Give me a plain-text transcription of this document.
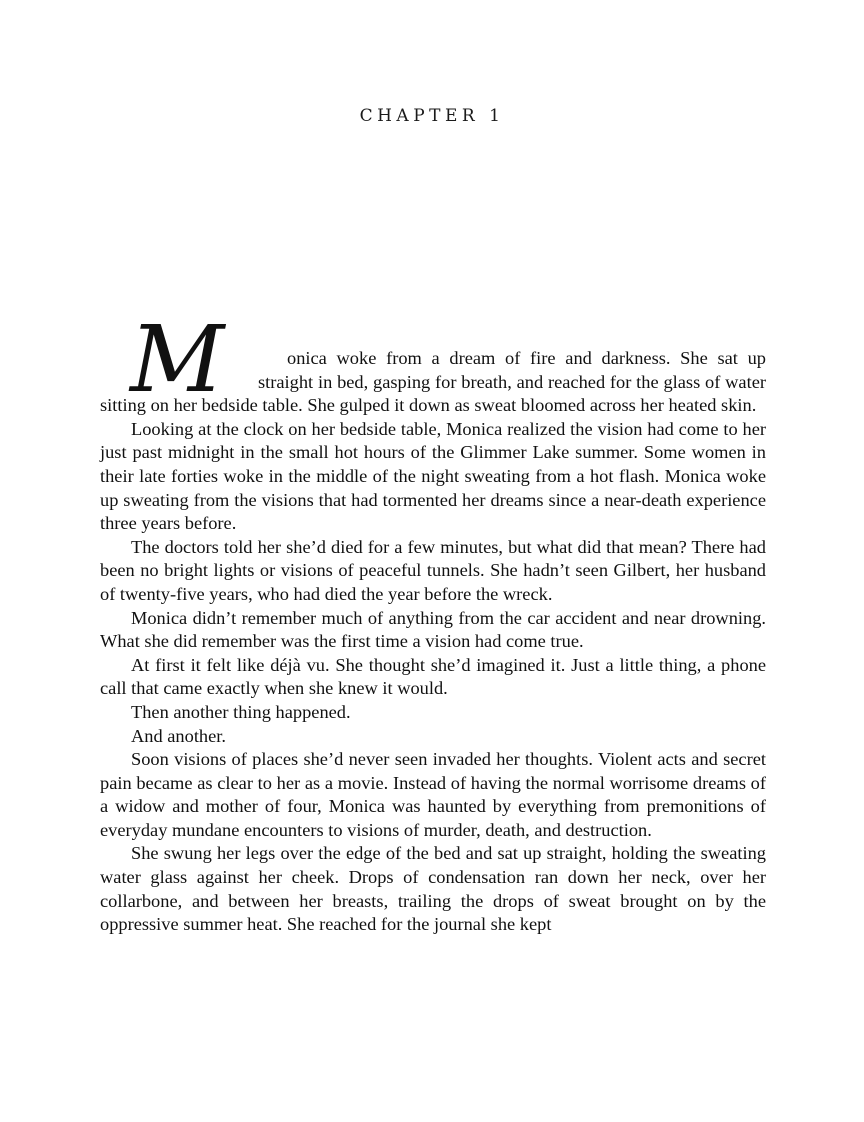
CHAPTER 1

M	onica woke from a dream of fire and darkness. She sat up straight in bed, gasping for breath, and reached for the glass of water sitting on her bedside table. She gulped it down as sweat bloomed across her heated skin.

Looking at the clock on her bedside table, Monica realized the vision had come to her just past midnight in the small hot hours of the Glimmer Lake summer. Some women in their late forties woke in the middle of the night sweating from a hot flash. Monica woke up sweating from the visions that had tormented her dreams since a near-death experience three years before.

The doctors told her she’d died for a few minutes, but what did that mean? There had been no bright lights or visions of peaceful tunnels. She hadn’t seen Gilbert, her husband of twenty-five years, who had died the year before the wreck.

Monica didn’t remember much of anything from the car accident and near drowning. What she did remember was the first time a vision had come true.

At first it felt like déjà vu. She thought she’d imagined it. Just a little thing, a phone call that came exactly when she knew it would.

Then another thing happened.

And another.

Soon visions of places she’d never seen invaded her thoughts. Violent acts and secret pain became as clear to her as a movie. Instead of having the normal worrisome dreams of a widow and mother of four, Monica was haunted by everything from premonitions of everyday mundane encounters to visions of murder, death, and destruction.

She swung her legs over the edge of the bed and sat up straight, holding the sweating water glass against her cheek. Drops of condensation ran down her neck, over her collarbone, and between her breasts, trailing the drops of sweat brought on by the oppressive summer heat. She reached for the journal she kept
